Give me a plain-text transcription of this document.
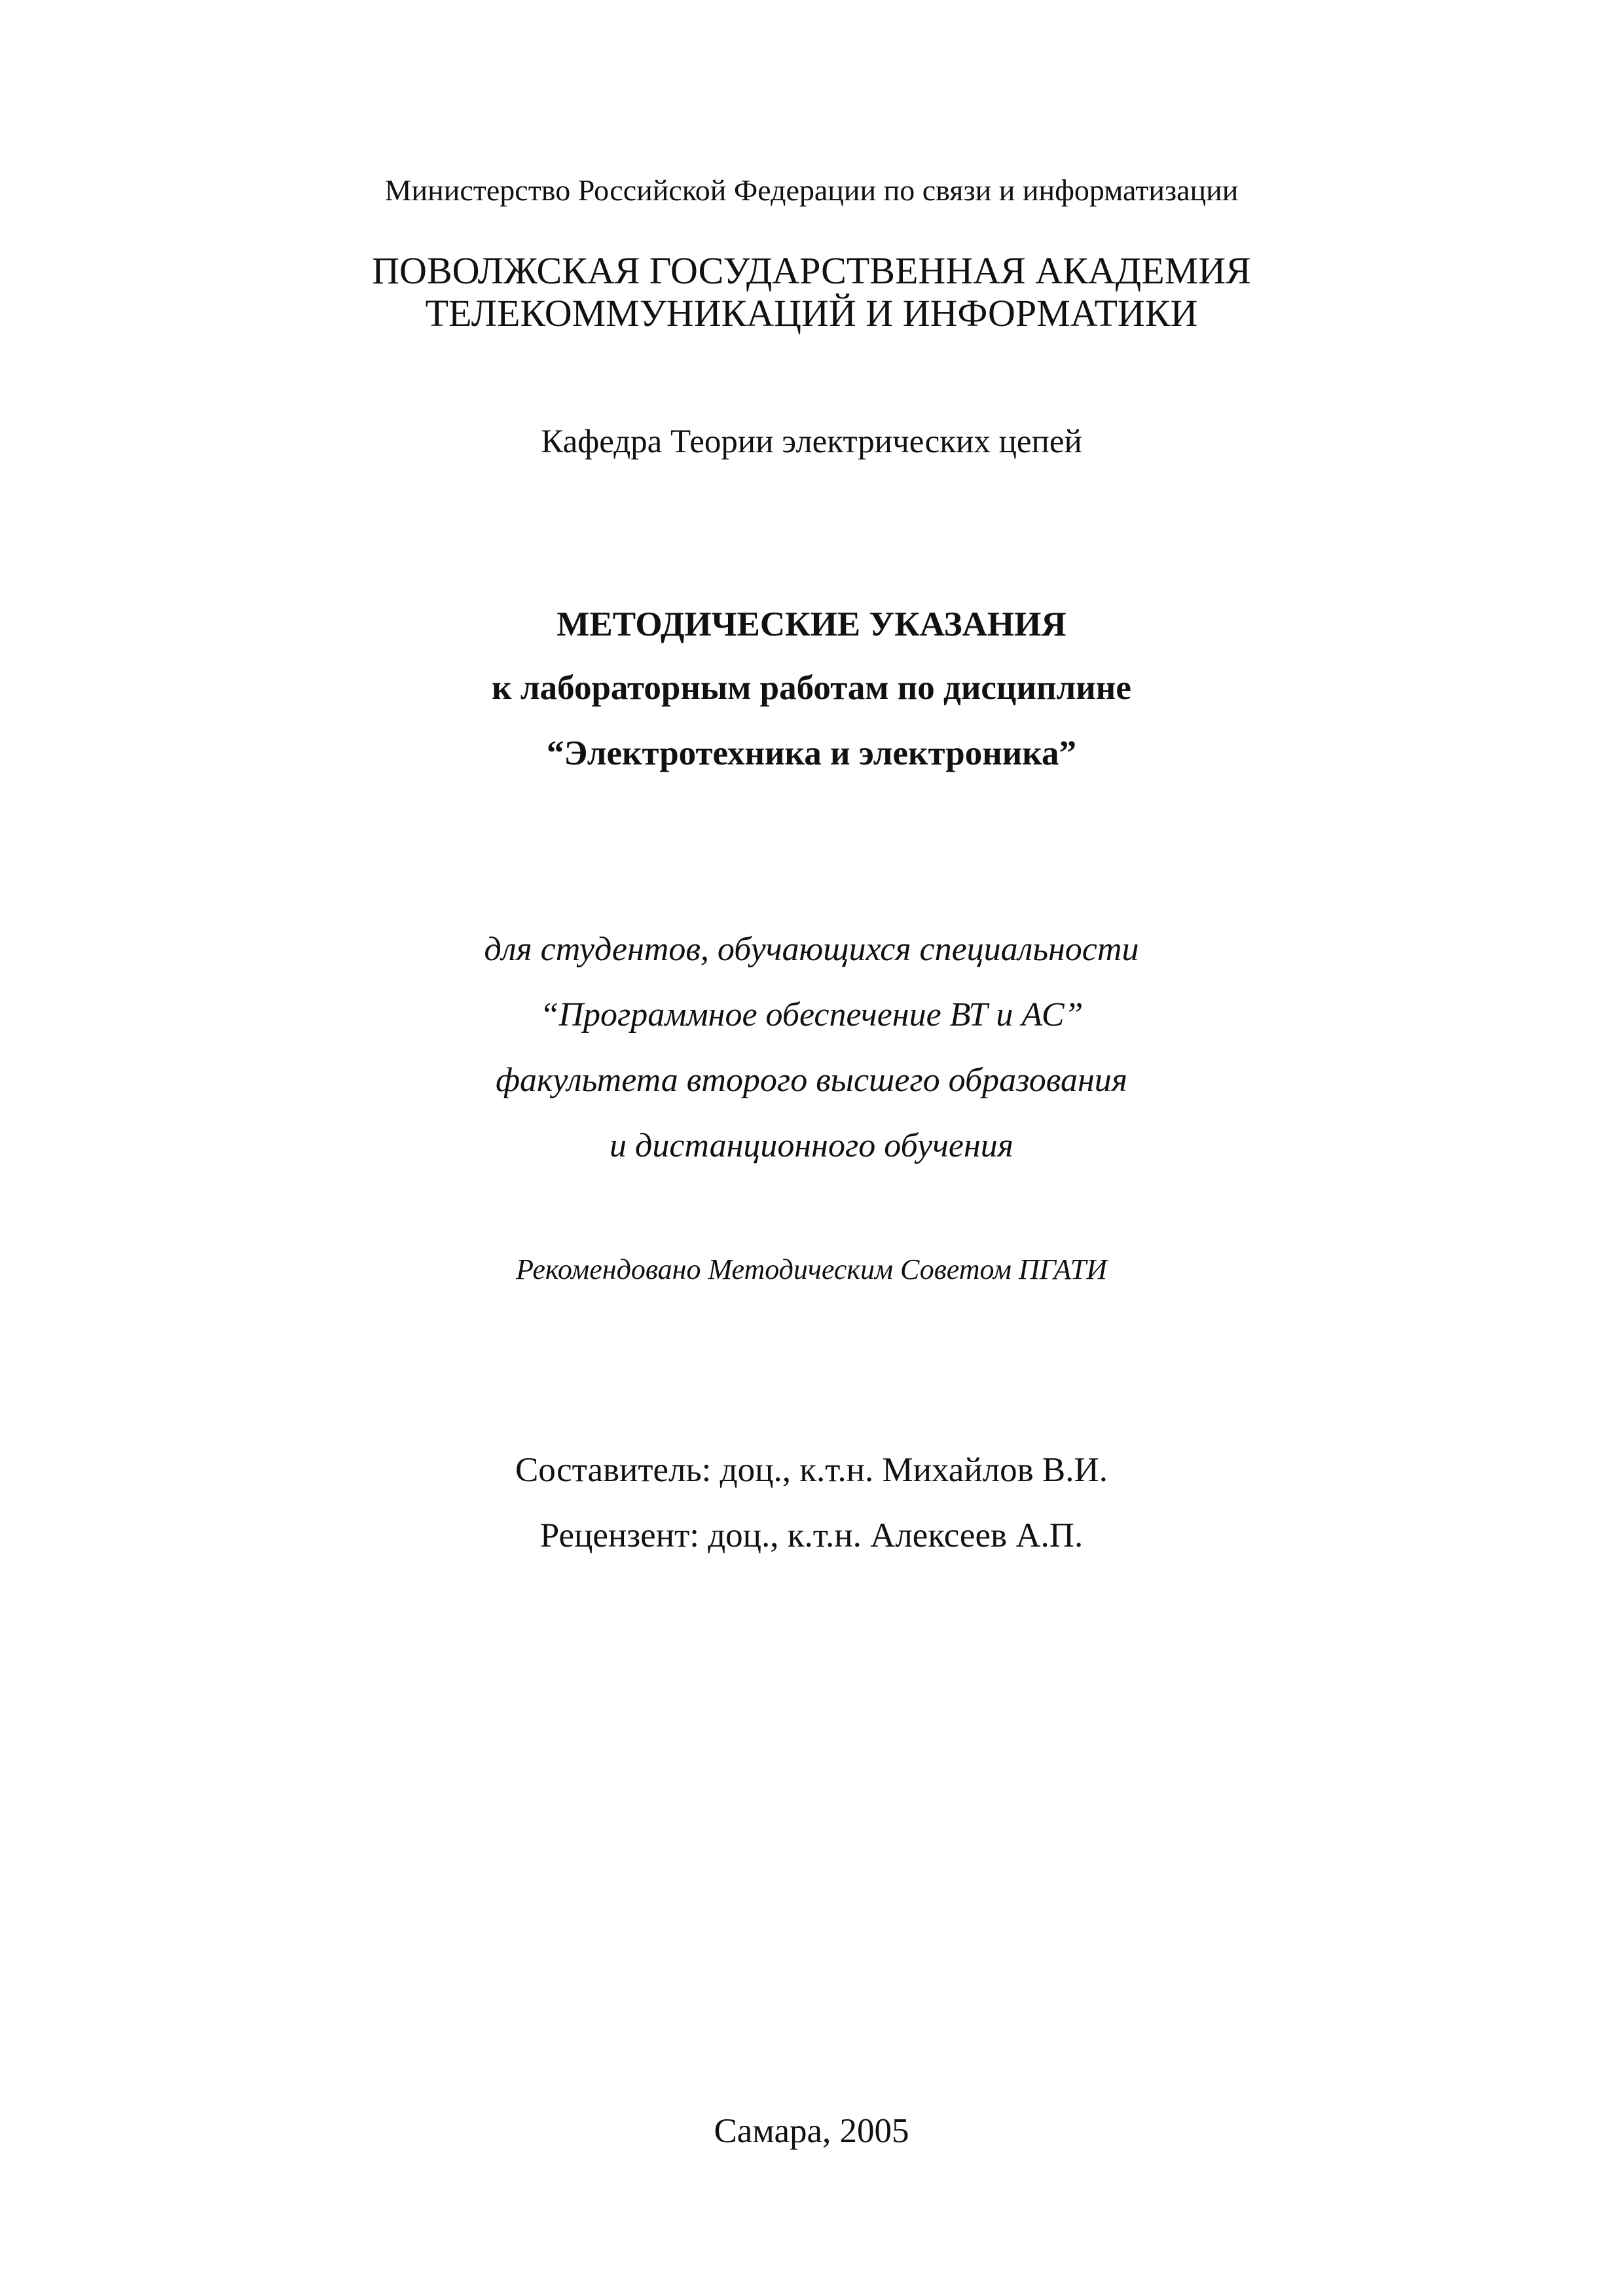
Министерство Российской Федерации по связи и информатизации
ПОВОЛЖСКАЯ ГОСУДАРСТВЕННАЯ АКАДЕМИЯ
ТЕЛЕКОММУНИКАЦИЙ И ИНФОРМАТИКИ
Кафедра Теории электрических цепей
МЕТОДИЧЕСКИЕ УКАЗАНИЯ
к лабораторным работам по дисциплине
“Электротехника и электроника”
для студентов, обучающихся специальности
“Программное обеспечение ВТ и АС”
факультета второго высшего образования
и дистанционного обучения
Рекомендовано Методическим Советом ПГАТИ
Составитель: доц., к.т.н. Михайлов В.И.
Рецензент: доц., к.т.н. Алексеев А.П.
Самара, 2005
